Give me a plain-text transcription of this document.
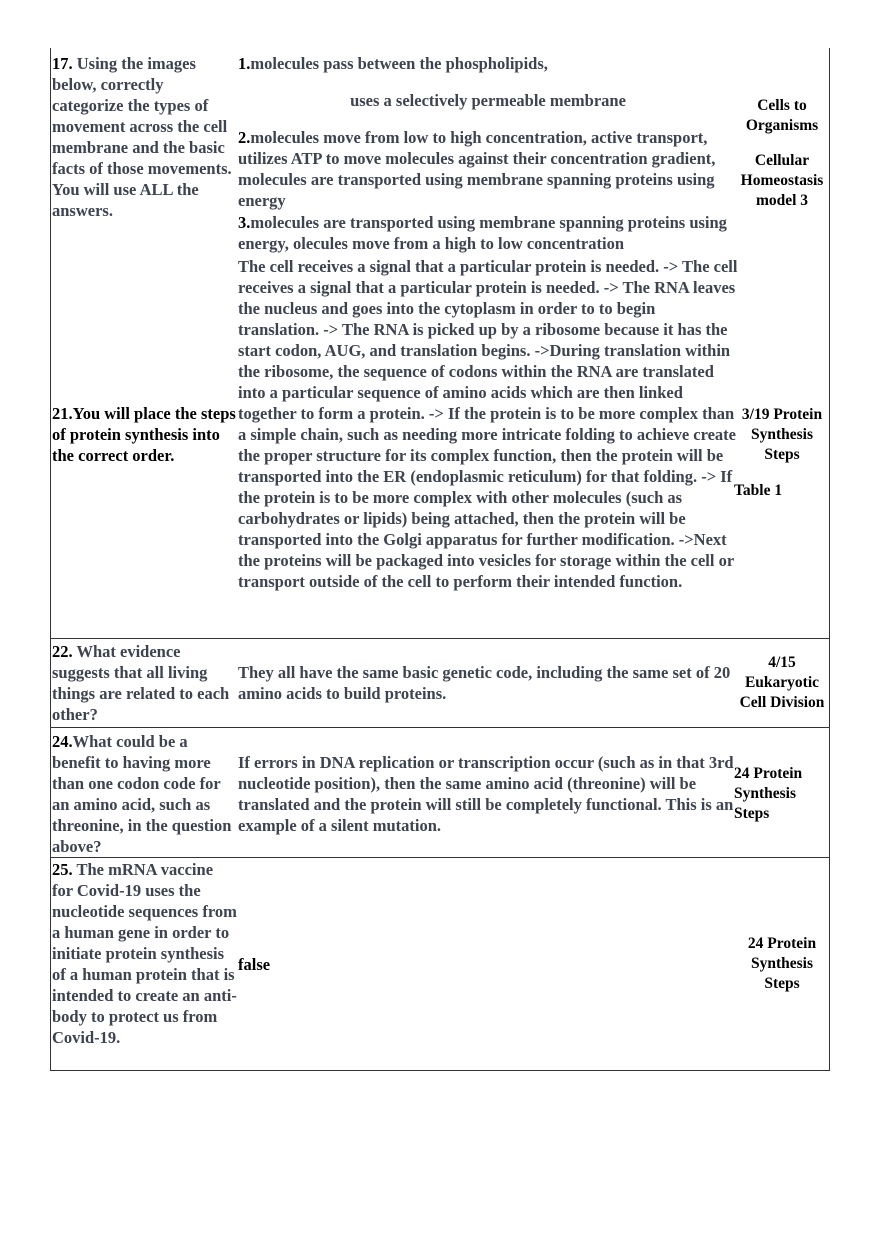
17. Using the images below, correctly categorize the types of movement across the cell membrane and the basic facts of those movements. You will use ALL the answers.

1.molecules pass between the phospholipids,

uses a selectively permeable membrane

2.molecules move from low to high concentration, active transport, utilizes ATP to move molecules against their concentration gradient, molecules are transported using membrane spanning proteins using energy

3.molecules are transported using membrane spanning proteins using energy, olecules move from a high to low concentration

Cells to Organisms

Cellular Homeostasis model 3

21.You will place the steps of protein synthesis into the correct order.

The cell receives a signal that a particular protein is needed. -> The cell receives a signal that a particular protein is needed. -> The RNA leaves the nucleus and goes into the cytoplasm in order to to begin translation. -> The RNA is picked up by a ribosome because it has the start codon, AUG, and translation begins. ->During translation within the ribosome, the sequence of codons within the RNA are translated into a particular sequence of amino acids which are then linked together to form a protein. -> If the protein is to be more complex than a simple chain, such as needing more intricate folding to achieve create the proper structure for its complex function, then the protein will be transported into the ER (endoplasmic reticulum) for that folding. -> If the protein is to be more complex with other molecules (such as carbohydrates or lipids) being attached, then the protein will be transported into the Golgi apparatus for further modification. ->Next the proteins will be packaged into vesicles for storage within the cell or transport outside of the cell to perform their intended function.

3/19 Protein Synthesis Steps

Table 1

22. What evidence suggests that all living things are related to each other?

They all have the same basic genetic code, including the same set of 20 amino acids to build proteins.

4/15 Eukaryotic Cell Division

24.What could be a benefit to having more than one codon code for an amino acid, such as threonine, in the question above?

If errors in DNA replication or transcription occur (such as in that 3rd nucleotide position), then the same amino acid (threonine) will be translated and the protein will still be completely functional. This is an example of a silent mutation.

24 Protein Synthesis Steps

25. The mRNA vaccine for Covid-19 uses the nucleotide sequences from a human gene in order to initiate protein synthesis of a human protein that is intended to create an anti-body to protect us from Covid-19.

false

24 Protein Synthesis Steps
